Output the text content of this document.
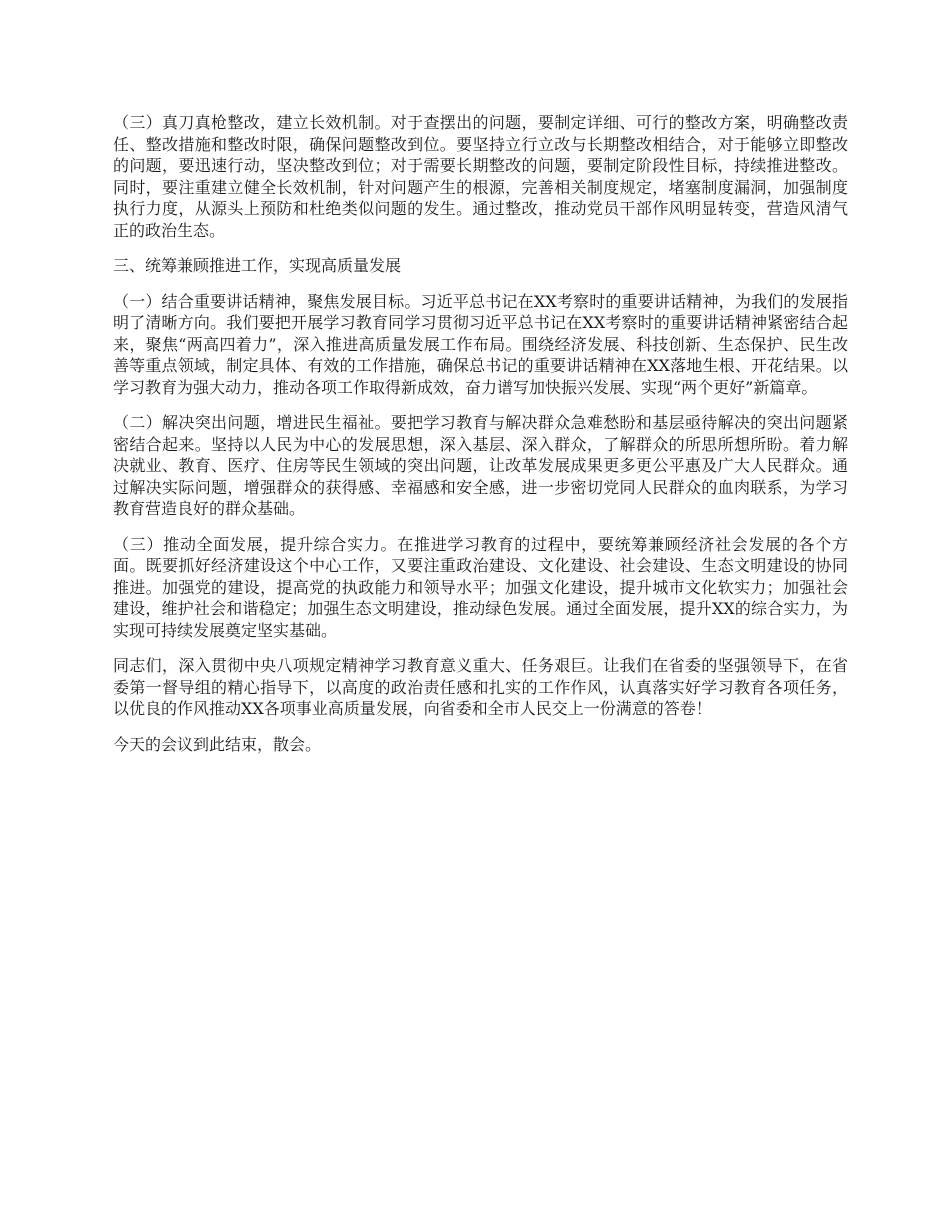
（三）真刀真枪整改，建立长效机制。对于查摆出的问题，要制定详细、可行的整改方案，明确整改责任、整改措施和整改时限，确保问题整改到位。要坚持立行立改与长期整改相结合，对于能够立即整改的问题，要迅速行动，坚决整改到位；对于需要长期整改的问题，要制定阶段性目标，持续推进整改。同时，要注重建立健全长效机制，针对问题产生的根源，完善相关制度规定，堵塞制度漏洞，加强制度执行力度，从源头上预防和杜绝类似问题的发生。通过整改，推动党员干部作风明显转变，营造风清气正的政治生态。

三、统筹兼顾推进工作，实现高质量发展

（一）结合重要讲话精神，聚焦发展目标。习近平总书记在XX考察时的重要讲话精神，为我们的发展指明了清晰方向。我们要把开展学习教育同学习贯彻习近平总书记在XX考察时的重要讲话精神紧密结合起来，聚焦“两高四着力”，深入推进高质量发展工作布局。围绕经济发展、科技创新、生态保护、民生改善等重点领域，制定具体、有效的工作措施，确保总书记的重要讲话精神在XX落地生根、开花结果。以学习教育为强大动力，推动各项工作取得新成效，奋力谱写加快振兴发展、实现“两个更好”新篇章。

（二）解决突出问题，增进民生福祉。要把学习教育与解决群众急难愁盼和基层亟待解决的突出问题紧密结合起来。坚持以人民为中心的发展思想，深入基层、深入群众，了解群众的所思所想所盼。着力解决就业、教育、医疗、住房等民生领域的突出问题，让改革发展成果更多更公平惠及广大人民群众。通过解决实际问题，增强群众的获得感、幸福感和安全感，进一步密切党同人民群众的血肉联系，为学习教育营造良好的群众基础。

（三）推动全面发展，提升综合实力。在推进学习教育的过程中，要统筹兼顾经济社会发展的各个方面。既要抓好经济建设这个中心工作，又要注重政治建设、文化建设、社会建设、生态文明建设的协同推进。加强党的建设，提高党的执政能力和领导水平；加强文化建设，提升城市文化软实力；加强社会建设，维护社会和谐稳定；加强生态文明建设，推动绿色发展。通过全面发展，提升XX的综合实力，为实现可持续发展奠定坚实基础。

同志们，深入贯彻中央八项规定精神学习教育意义重大、任务艰巨。让我们在省委的坚强领导下，在省委第一督导组的精心指导下，以高度的政治责任感和扎实的工作作风，认真落实好学习教育各项任务，以优良的作风推动XX各项事业高质量发展，向省委和全市人民交上一份满意的答卷！

今天的会议到此结束，散会。
